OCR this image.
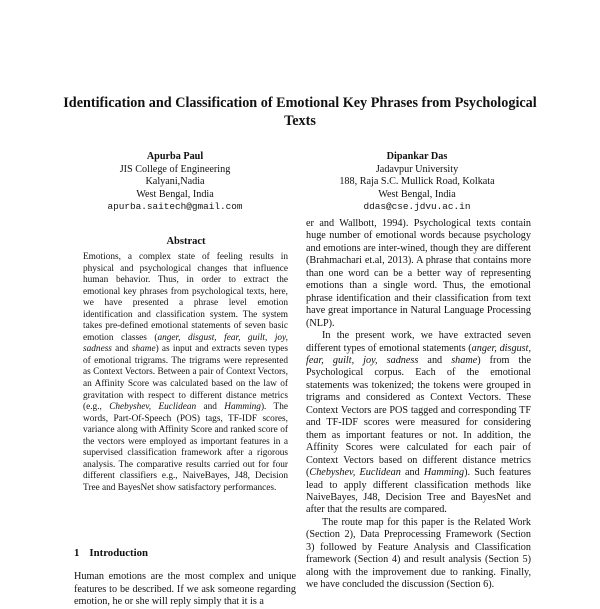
Identification and Classification of Emotional Key Phrases from Psychological Texts
Apurba Paul
JIS College of Engineering
Kalyani,Nadia
West Bengal, India
apurba.saitech@gmail.com
Dipankar Das
Jadavpur University
188, Raja S.C. Mullick Road, Kolkata
West Bengal, India
ddas@cse.jdvu.ac.in
Abstract

Emotions, a complex state of feeling results in physical and psychological changes that influence human behavior. Thus, in order to extract the emotional key phrases from psychological texts, here, we have presented a phrase level emotion identification and classification system. The system takes pre-defined emotional statements of seven basic emotion classes (anger, disgust, fear, guilt, joy, sadness and shame) as input and extracts seven types of emotional trigrams. The trigrams were represented as Context Vectors. Between a pair of Context Vectors, an Affinity Score was calculated based on the law of gravitation with respect to different distance metrics (e.g., Chebyshev, Euclidean and Hamming). The words, Part-Of-Speech (POS) tags, TF-IDF scores, variance along with Affinity Score and ranked score of the vectors were employed as important features in a supervised classification framework after a rigorous analysis. The comparative results carried out for four different classifiers e.g., NaiveBayes, J48, Decision Tree and BayesNet show satisfactory performances.

1 Introduction
Human emotions are the most complex and unique features to be described. If we ask someone regarding emotion, he or she will reply simply that it is a

er and Wallbott, 1994). Psychological texts contain huge number of emotional words because psychology and emotions are inter-wined, though they are different (Brahmachari et.al, 2013). A phrase that contains more than one word can be a better way of representing emotions than a single word. Thus, the emotional phrase identification and their classification from text have great importance in Natural Language Processing (NLP).

In the present work, we have extracted seven different types of emotional statements (anger, disgust, fear, guilt, joy, sadness and shame) from the Psychological corpus. Each of the emotional statements was tokenized; the tokens were grouped in trigrams and considered as Context Vectors. These Context Vectors are POS tagged and corresponding TF and TF-IDF scores were measured for considering them as important features or not. In addition, the Affinity Scores were calculated for each pair of Context Vectors based on different distance metrics (Chebyshev, Euclidean and Hamming). Such features lead to apply different classification methods like NaiveBayes, J48, Decision Tree and BayesNet and after that the results are compared.

The route map for this paper is the Related Work (Section 2), Data Preprocessing Framework (Section 3) followed by Feature Analysis and Classification framework (Section 4) and result analysis (Section 5) along with the improvement due to ranking. Finally, we have concluded the discussion (Section 6).
